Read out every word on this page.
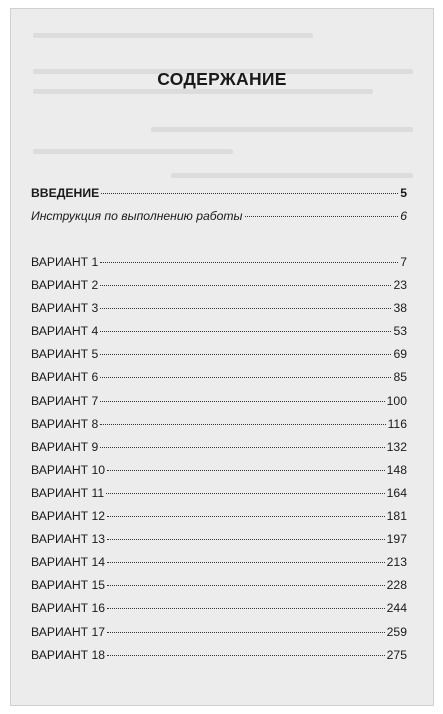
СОДЕРЖАНИЕ
ВВЕДЕНИЕ	5
Инструкция по выполнению работы	6
ВАРИАНТ 1	7
ВАРИАНТ 2	23
ВАРИАНТ 3	38
ВАРИАНТ 4	53
ВАРИАНТ 5	69
ВАРИАНТ 6	85
ВАРИАНТ 7	100
ВАРИАНТ 8	116
ВАРИАНТ 9	132
ВАРИАНТ 10	148
ВАРИАНТ 11	164
ВАРИАНТ 12	181
ВАРИАНТ 13	197
ВАРИАНТ 14	213
ВАРИАНТ 15	228
ВАРИАНТ 16	244
ВАРИАНТ 17	259
ВАРИАНТ 18	275
